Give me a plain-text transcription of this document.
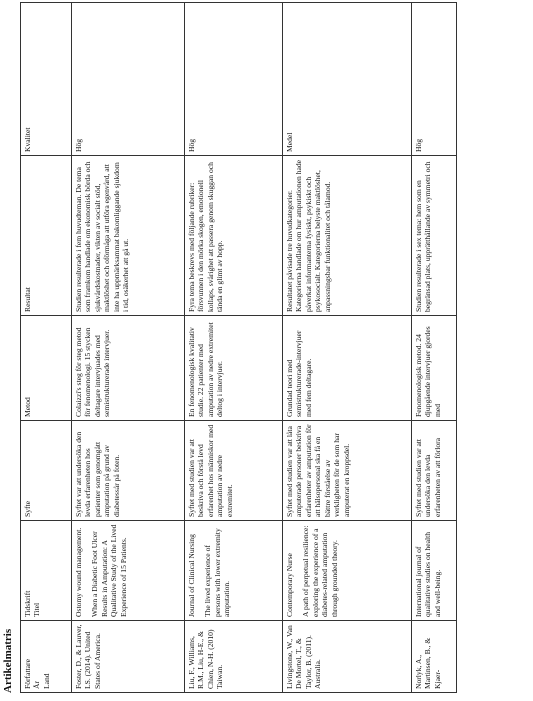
Artikelmatris Författare År Land	Tidskrift Titel	Syfte	Metod	Resultat	Kvalitet
Foster, D., & Lauver, LS. (2014). United States of America.	Ostomy wound management. When a Diabetic Foot Ulcer Results in Amputation: A Qualitative Study of the Lived Experience of 15 Patients.	Syftet var att undersöka den levda erfarenheten hos patienter som genomgått amputation på grund av diabetessår på foten.	Colaizzi's steg för steg metod för fenomenologi. 15 stycken deltagare intervjuades med semistrukturerade intervjuer.	Studien resulterade i fem huvudteman. De tema som framkom handlade om ekonomisk börda och sjukvårdskostnader, vikten av socialt stöd, maktlöshet och oförmåga att utföra egenvård, att inte ha uppmärksammat bakomliggande sjukdom i tid, osäkerhet att gå ut.	Hög
Liu, F., Williams, R.M., Liu, H-E., & Chien, N-H. (2010) Taiwan.	Journal of Clinical Nursing The lived experience of persons with lower extremity amputation.	Syftet med studien var att beskriva och förstå levd erfarenhet hos människor med amputation av nedre extremitet.	En fenomenologisk kvalitativ studie. 22 patienter med amputation av nedre extremitet deltog i intervjuer.	Fyra tema beskrevs med följande rubriker: försvunnen i den mörka skogen, emotionell kollaps, svårighet att passera genom skuggan och tända en glimt av hopp.	Hög
Livingstone, W., Van De Mortel, T., & Taylor, B. (2011). Australia.	Contemporary Nurse A path of perpetual resilience: exploring the experience of a diabetes-related amputation through grounded theory.	Syftet med studien var att låta amputerade personer beskriva erfarenheter av amputation för att hälsopersonal ska få en bättre förståelse av verkligheten för de som har amputerat en kroppsdel.	Grundad teori med semistrukturerade-intervjuer med fem deltagare.	Resultatet påvisade tre huvudkategorier. Kategorierna handlade om hur amputationen hade påverkat informanterna fysiskt, psykiskt och psykosocialt. Kategorierna belyste maktlöshet, anpassningsbar funktionalitet och tålamod.	Medel
Norlyk, A., Martinsen, B., & Kjaer-	International journal of qualitative studies on health and well-being.	Syftet med studien var att undersöka den levda erfarenheten av att förlora	Fenomenologisk metod. 24 djupgående intervjuer gjordes med	Studien resulterade i sex tema: hem som en begränsad plats, upprätthållande av symmetri och	Hög
